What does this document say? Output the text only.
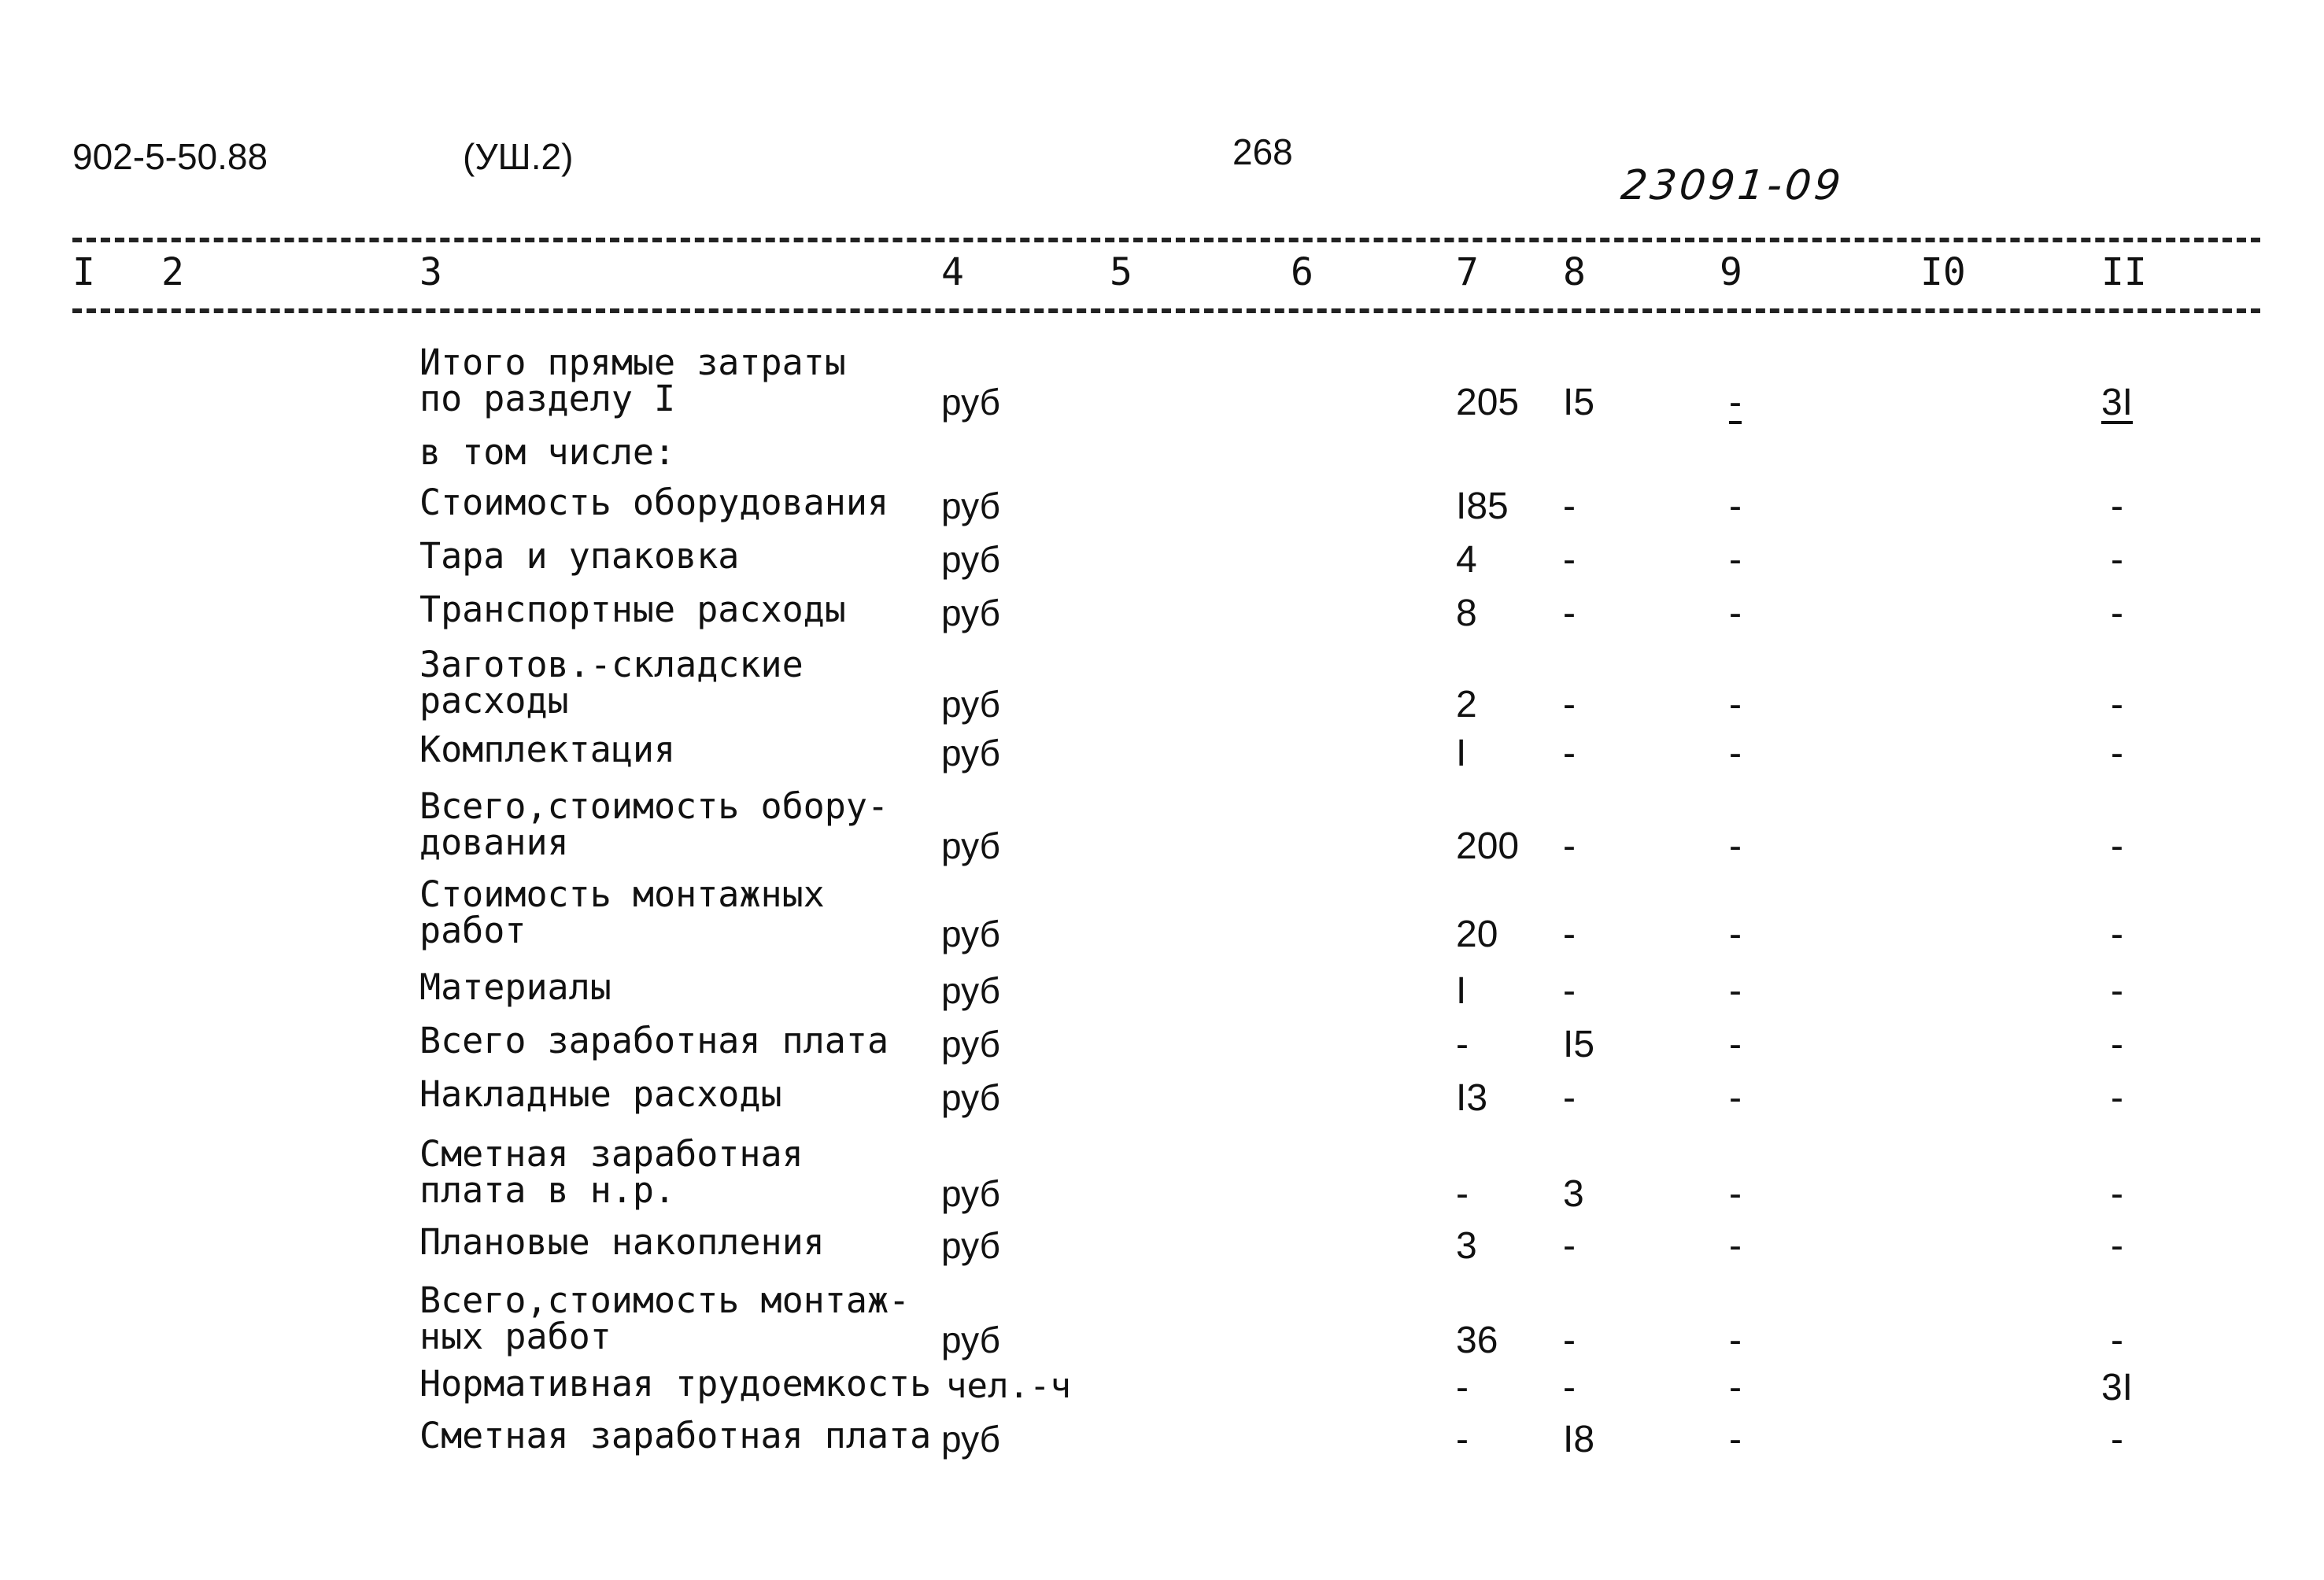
902-5-50.88	(УШ.2)	268
23091-09
I	2	3	4	5	6	7	8	9	I0	II
Итого прямые затраты
по разделу I	руб	205	I5	-	3I
в том числе:
Стоимость оборудования руб	I85	-	-	-
Тара и упаковка	руб	4	-	-	-
Транспортные расходы	руб	8	-	-	-
Заготов.-складские
расходы	руб	2	-	-	-
Комплектация	руб	I	-	-	-
Всего,стоимость обору-
дования	руб	200	-	-	-
Стоимость монтажных
работ	руб	20	-	-	-
Материалы	руб	I	-	-	-
Всего заработная плата руб	-	I5	-	-
Накладные расходы	руб	I3	-	-	-
Сметная заработная
плата в н.р.	руб	-	3	-	-
Плановые накопления	руб	3	-	-	-
Всего,стоимость монтаж-
ных работ	руб	36	-	-	-
Нормативная трудоемкость чел.-ч	-	-	-	3I
Сметная заработная плата руб	-	I8	-	-
